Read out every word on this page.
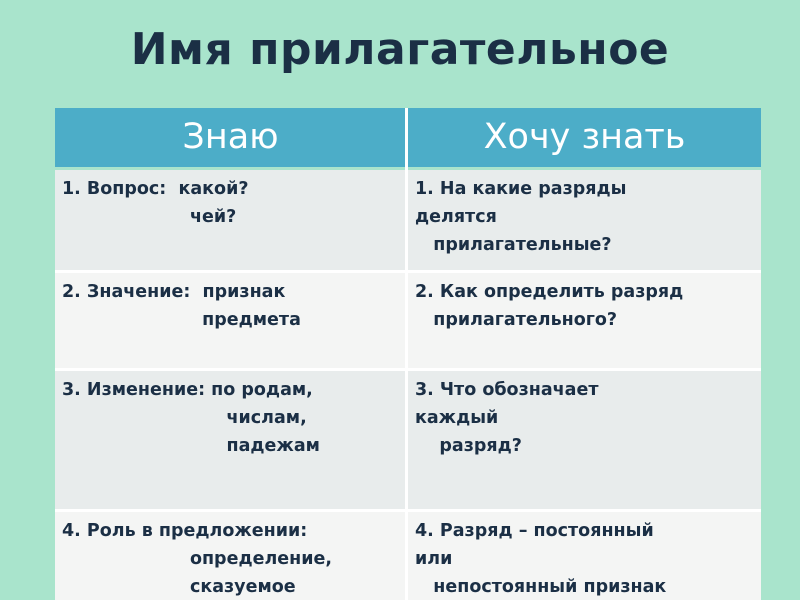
Имя прилагательное
Знаю	Хочу знать
1. Вопрос:  какой?
чей?
1. На какие разряды
делятся
прилагательные?
2. Значение:  признак
предмета
2. Как определить разряд
прилагательного?
3. Изменение: по родам,
числам,
падежам
3. Что обозначает
каждый
разряд?
4. Роль в предложении:
определение,
сказуемое
4. Разряд – постоянный
или
непостоянный признак
